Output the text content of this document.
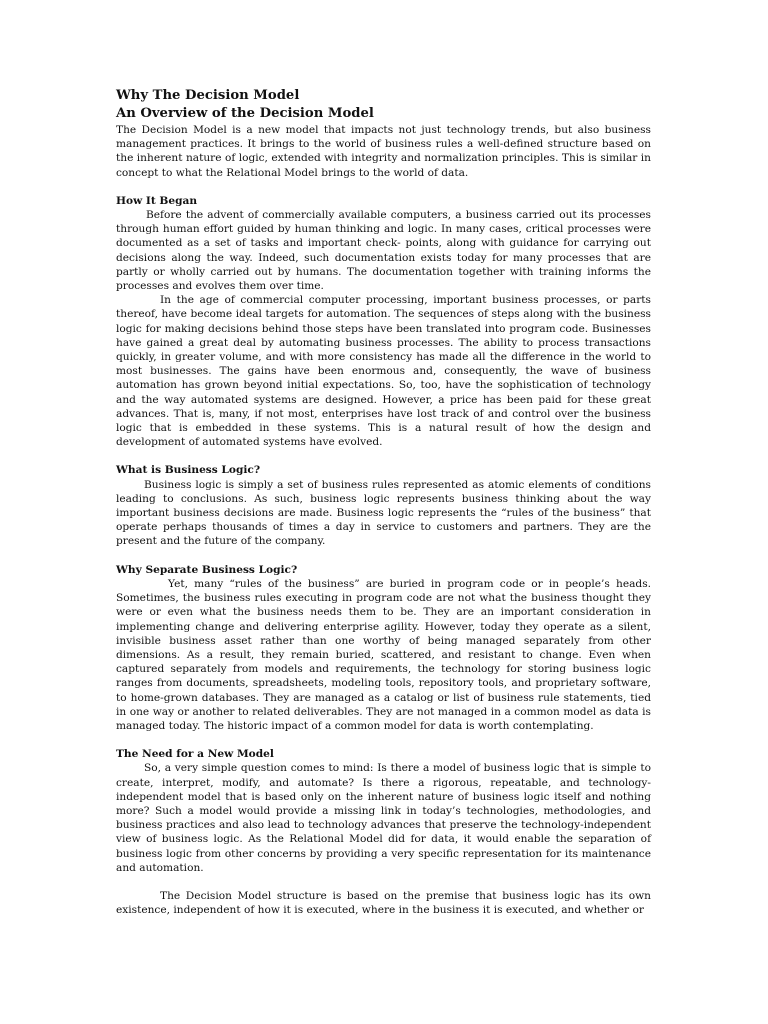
Why The Decision Model
An Overview of the Decision Model

The Decision Model is a new model that impacts not just technology trends, but also business management practices. It brings to the world of business rules a well-defined structure based on the inherent nature of logic, extended with integrity and normalization principles. This is similar in concept to what the Relational Model brings to the world of data.

How It Began

Before the advent of commercially available computers, a business carried out its processes through human effort guided by human thinking and logic. In many cases, critical processes were documented as a set of tasks and important check- points, along with guidance for carrying out decisions along the way. Indeed, such documentation exists today for many processes that are partly or wholly carried out by humans. The documentation together with training informs the processes and evolves them over time.

In the age of commercial computer processing, important business processes, or parts thereof, have become ideal targets for automation. The sequences of steps along with the business logic for making decisions behind those steps have been translated into program code. Businesses have gained a great deal by automating business processes. The ability to process transactions quickly, in greater volume, and with more consistency has made all the difference in the world to most businesses. The gains have been enormous and, consequently, the wave of business automation has grown beyond initial expectations. So, too, have the sophistication of technology and the way automated systems are designed. However, a price has been paid for these great advances. That is, many, if not most, enterprises have lost track of and control over the business logic that is embedded in these systems. This is a natural result of how the design and development of automated systems have evolved.

What is Business Logic?

Business logic is simply a set of business rules represented as atomic elements of conditions leading to conclusions. As such, business logic represents business thinking about the way important business decisions are made. Business logic represents the “rules of the business” that operate perhaps thousands of times a day in service to customers and partners. They are the present and the future of the company.

Why Separate Business Logic?

Yet, many “rules of the business” are buried in program code or in people’s heads. Sometimes, the business rules executing in program code are not what the business thought they were or even what the business needs them to be. They are an important consideration in implementing change and delivering enterprise agility. However, today they operate as a silent, invisible business asset rather than one worthy of being managed separately from other dimensions. As a result, they remain buried, scattered, and resistant to change. Even when captured separately from models and requirements, the technology for storing business logic ranges from documents, spreadsheets, modeling tools, repository tools, and proprietary software, to home-grown databases. They are managed as a catalog or list of business rule statements, tied in one way or another to related deliverables. They are not managed in a common model as data is managed today. The historic impact of a common model for data is worth contemplating.

The Need for a New Model

So, a very simple question comes to mind: Is there a model of business logic that is simple to create, interpret, modify, and automate? Is there a rigorous, repeatable, and technology-independent model that is based only on the inherent nature of business logic itself and nothing more? Such a model would provide a missing link in today’s technologies, methodologies, and business practices and also lead to technology advances that preserve the technology-independent view of business logic. As the Relational Model did for data, it would enable the separation of business logic from other concerns by providing a very specific representation for its maintenance and automation.

The Decision Model structure is based on the premise that business logic has its own existence, independent of how it is executed, where in the business it is executed, and whether or
